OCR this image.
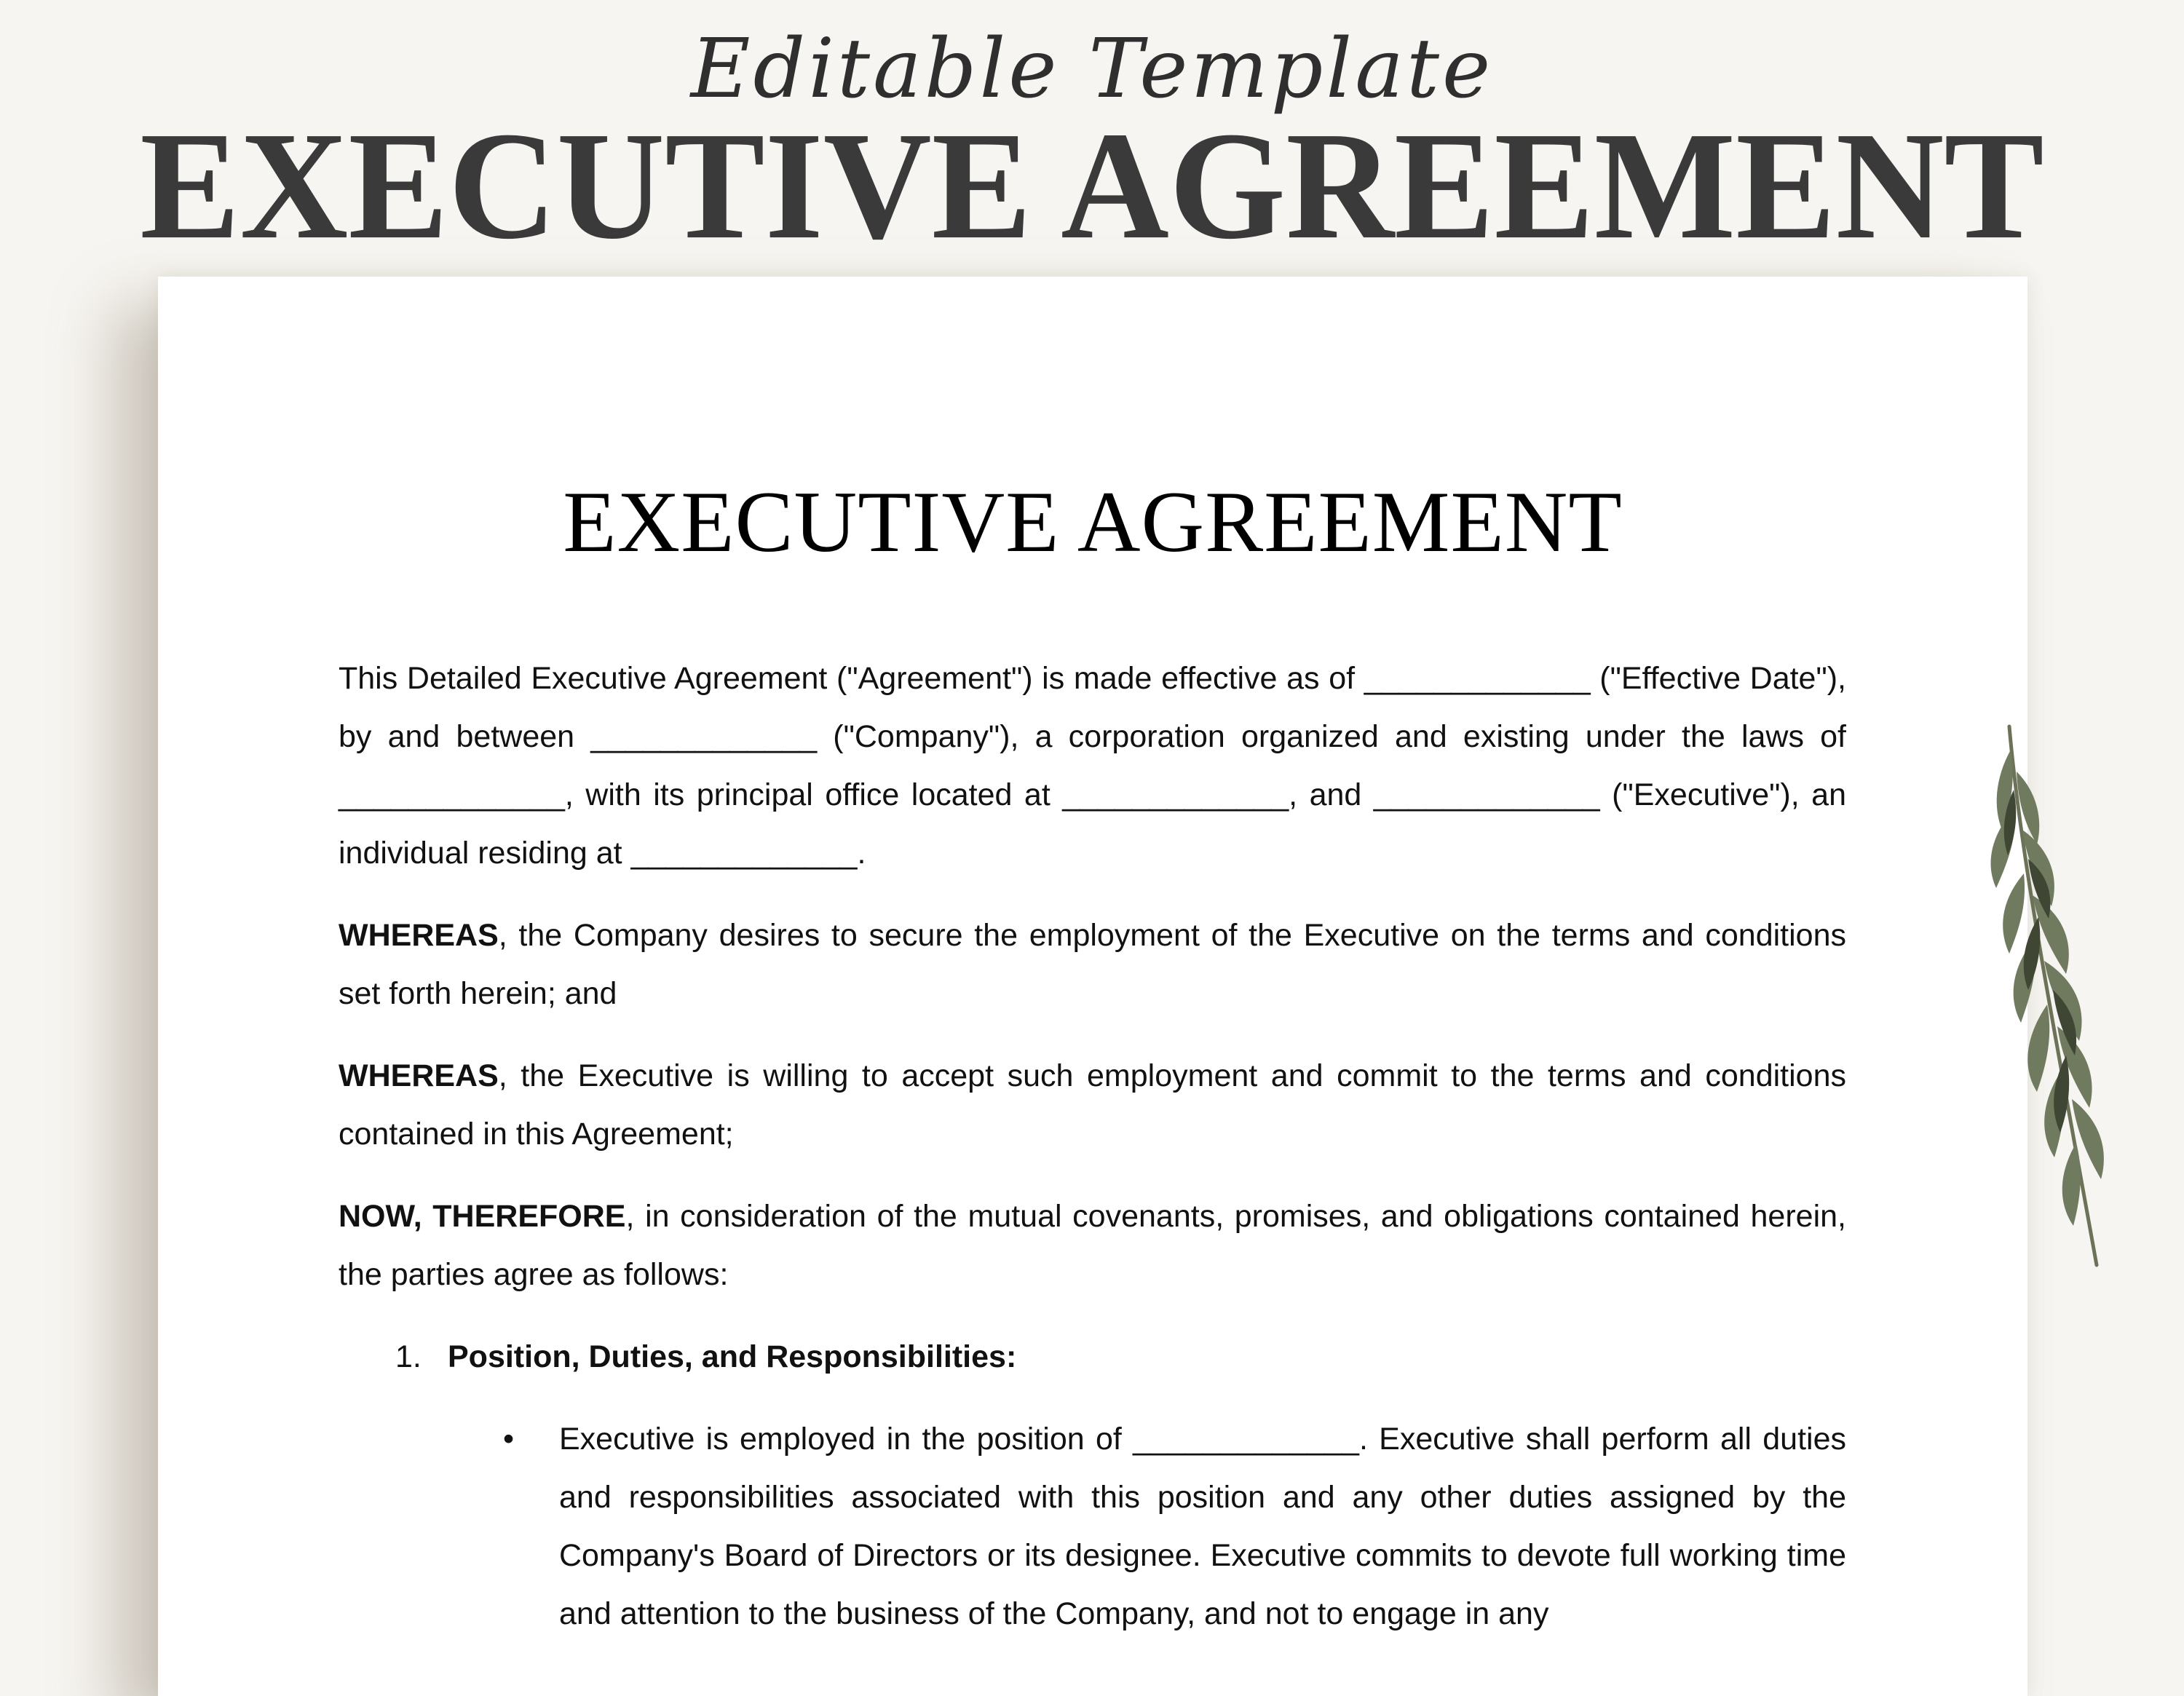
Editable Template
EXECUTIVE AGREEMENT
EXECUTIVE AGREEMENT

This Detailed Executive Agreement ("Agreement") is made effective as of _____________ ("Effective Date"), by and between _____________ ("Company"), a corporation organized and existing under the laws of _____________, with its principal office located at _____________, and _____________ ("Executive"), an individual residing at _____________.

WHEREAS, the Company desires to secure the employment of the Executive on the terms and conditions set forth herein; and

WHEREAS, the Executive is willing to accept such employment and commit to the terms and conditions contained in this Agreement;

NOW, THEREFORE, in consideration of the mutual covenants, promises, and obligations contained herein, the parties agree as follows:

1. Position, Duties, and Responsibilities:
•	Executive is employed in the position of _____________. Executive shall perform all duties and responsibilities associated with this position and any other duties assigned by the Company's Board of Directors or its designee. Executive commits to devote full working time and attention to the business of the Company, and not to engage in any
